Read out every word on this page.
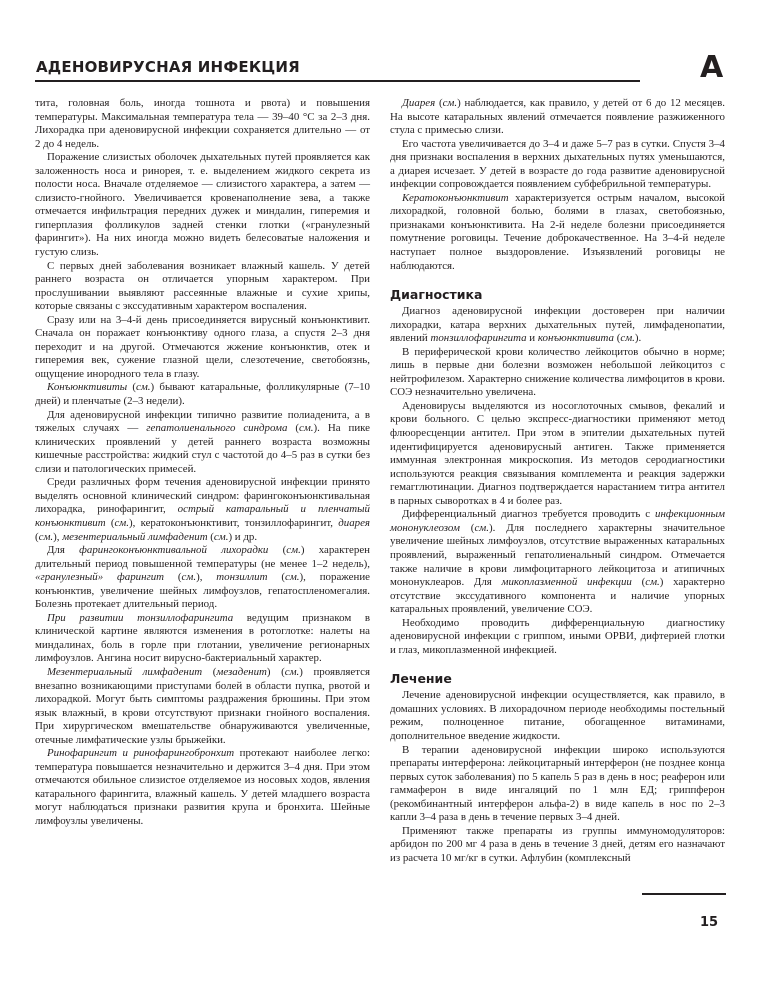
АДЕНОВИРУСНАЯ ИНФЕКЦИЯ	А

тита, головная боль, иногда тошнота и рвота) и повышения температуры. Максимальная температура тела — 39–40 °С за 2–3 дня. Лихорадка при аденовирусной инфекции сохраняется длительно — от 2 до 4 недель.

Поражение слизистых оболочек дыхательных путей проявляется как заложенность носа и ринорея, т. е. выделением жидкого секрета из полости носа. Вначале отделяемое — слизистого характера, а затем — слизисто-гнойного. Увеличивается кровенаполнение зева, а также отмечается инфильтрация передних дужек и миндалин, гиперемия и гиперплазия фолликулов задней стенки глотки («гранулезный фарингит»). На них иногда можно видеть белесоватые наложения и густую слизь.

С первых дней заболевания возникает влажный кашель. У детей раннего возраста он отличается упорным характером. При прослушивании выявляют рассеянные влажные и сухие хрипы, которые связаны с экссудативным характером воспаления.

Сразу или на 3–4-й день присоединяется вирусный конъюнктивит. Сначала он поражает конъюнктиву одного глаза, а спустя 2–3 дня переходит и на другой. Отмечаются жжение конъюнктив, отек и гиперемия век, сужение глазной щели, слезотечение, светобоязнь, ощущение инородного тела в глазу.

Конъюнктивиты (см.) бывают катаральные, фолликулярные (7–10 дней) и пленчатые (2–3 недели).

Для аденовирусной инфекции типично развитие полиаденита, а в тяжелых случаях — гепатолиенального синдрома (см.). На пике клинических проявлений у детей раннего возраста возможны кишечные расстройства: жидкий стул с частотой до 4–5 раз в сутки без слизи и патологических примесей.

Среди различных форм течения аденовирусной инфекции принято выделять основной клинический синдром: фарингоконъюнктивальная лихорадка, ринофарингит, острый катаральный и пленчатый конъюнктивит (см.), кератоконъюнктивит, тонзиллофарингит, диарея (см.), мезентериальный лимфаденит (см.) и др.

Для фарингоконъюнктивальной лихорадки (см.) характерен длительный период повышенной температуры (не менее 1–2 недель), «гранулезный» фарингит (см.), тонзиллит (см.), поражение конъюнктив, увеличение шейных лимфоузлов, гепатоспленомегалия. Болезнь протекает длительный период.

При развитии тонзиллофарингита ведущим признаком в клинической картине являются изменения в ротоглотке: налеты на миндалинах, боль в горле при глотании, увеличение регионарных лимфоузлов. Ангина носит вирусно-бактериальный характер.

Мезентериальный лимфаденит (мезаденит) (см.) проявляется внезапно возникающими приступами болей в области пупка, рвотой и лихорадкой. Могут быть симптомы раздражения брюшины. При этом язык влажный, в крови отсутствуют признаки гнойного воспаления. При хирургическом вмешательстве обнаруживаются увеличенные, отечные лимфатические узлы брыжейки.

Ринофарингит и ринофарингобронхит протекают наиболее легко: температура повышается незначительно и держится 3–4 дня. При этом отмечаются обильное слизистое отделяемое из носовых ходов, явления катарального фарингита, влажный кашель. У детей младшего возраста могут наблюдаться признаки развития крупа и бронхита. Шейные лимфоузлы увеличены.

Диарея (см.) наблюдается, как правило, у детей от 6 до 12 месяцев. На высоте катаральных явлений отмечается появление разжиженного стула с примесью слизи.

Его частота увеличивается до 3–4 и даже 5–7 раз в сутки. Спустя 3–4 дня признаки воспаления в верхних дыхательных путях уменьшаются, а диарея исчезает. У детей в возрасте до года развитие аденовирусной инфекции сопровождается появлением субфебрильной температуры.

Кератоконъюнктивит характеризуется острым началом, высокой лихорадкой, головной болью, болями в глазах, светобоязнью, признаками конъюнктивита. На 2-й неделе болезни присоединяется помутнение роговицы. Течение доброкачественное. На 3–4-й неделе наступает полное выздоровление. Изъязвлений роговицы не наблюдаются.

Диагностика

Диагноз аденовирусной инфекции достоверен при наличии лихорадки, катара верхних дыхательных путей, лимфаденопатии, явлений тонзиллофарингита и конъюнктивита (см.).

В периферической крови количество лейкоцитов обычно в норме; лишь в первые дни болезни возможен небольшой лейкоцитоз с нейтрофилезом. Характерно снижение количества лимфоцитов в крови. СОЭ незначительно увеличена.

Аденовирусы выделяются из носоглоточных смывов, фекалий и крови больного. С целью экспресс-диагностики применяют метод флюоресценции антител. При этом в эпителии дыхательных путей идентифицируется аденовирусный антиген. Также применяется иммунная электронная микроскопия. Из методов серодиагностики используются реакция связывания комплемента и реакция задержки гемагглютинации. Диагноз подтверждается нарастанием титра антител в парных сыворотках в 4 и более раз.

Дифференциальный диагноз требуется проводить с инфекционным мононуклеозом (см.). Для последнего характерны значительное увеличение шейных лимфоузлов, отсутствие выраженных катаральных проявлений, выраженный гепатолиенальный синдром. Отмечается также наличие в крови лимфоцитарного лейкоцитоза и атипичных мононуклеаров. Для микоплазменной инфекции (см.) характерно отсутствие экссудативного компонента и наличие упорных катаральных проявлений, увеличение СОЭ.

Необходимо проводить дифференциальную диагностику аденовирусной инфекции с гриппом, иными ОРВИ, дифтерией глотки и глаз, микоплазменной инфекцией.

Лечение

Лечение аденовирусной инфекции осуществляется, как правило, в домашних условиях. В лихорадочном периоде необходимы постельный режим, полноценное питание, обогащенное витаминами, дополнительное введение жидкости.

В терапии аденовирусной инфекции широко используются препараты интерферона: лейкоцитарный интерферон (не позднее конца первых суток заболевания) по 5 капель 5 раз в день в нос; реаферон или гаммаферон в виде ингаляций по 1 млн ЕД; гриппферон (рекомбинантный интерферон альфа-2) в виде капель в нос по 2–3 капли 3–4 раза в день в течение первых 3–4 дней.

Применяют также препараты из группы иммуномодуляторов: арбидон по 200 мг 4 раза в день в течение 3 дней, детям его назначают из расчета 10 мг/кг в сутки. Афлубин (комплексный

15
